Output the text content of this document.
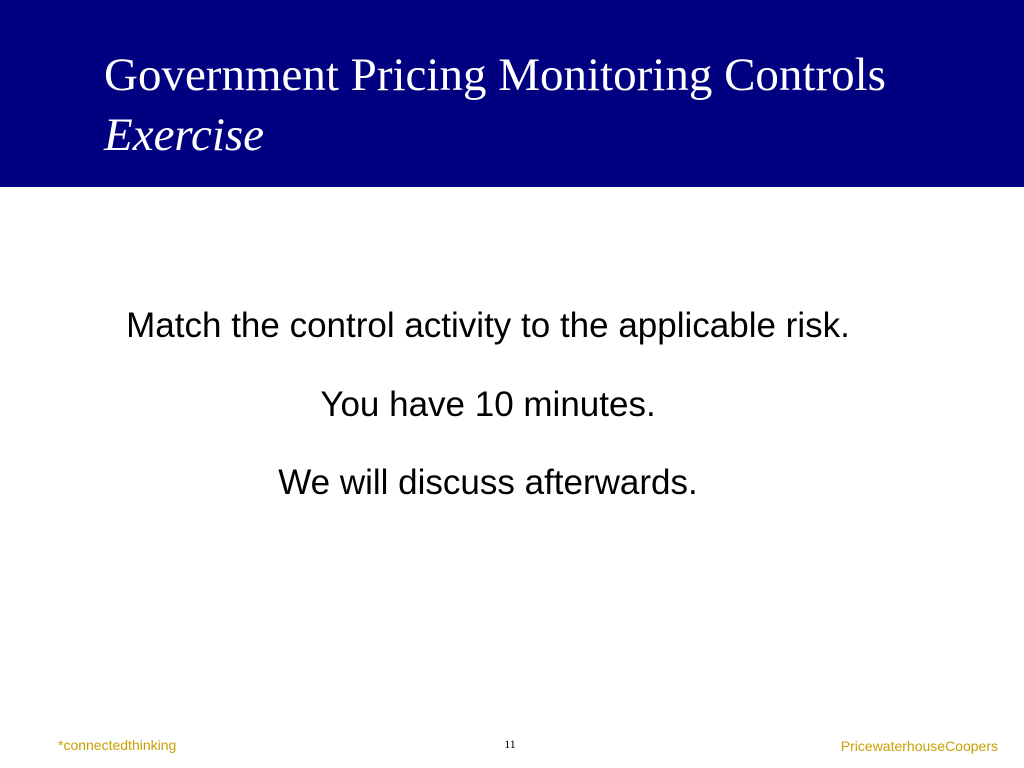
Government Pricing Monitoring Controls
Exercise

Match the control activity to the applicable risk.

You have 10 minutes.

We will discuss afterwards.

*connectedthinking	11	PricewaterhouseCoopers
